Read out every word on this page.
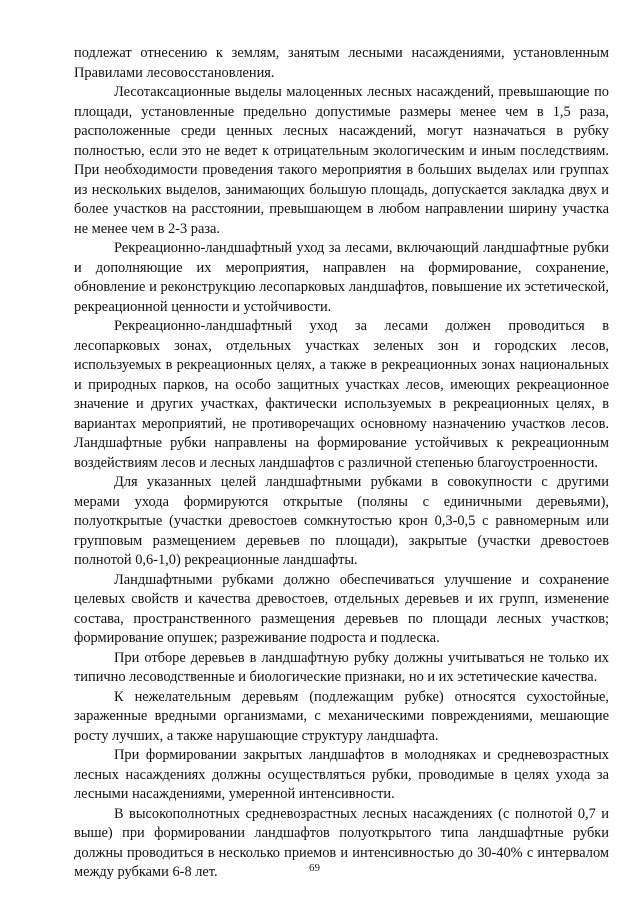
подлежат отнесению к землям, занятым лесными насаждениями, установленным Правилами лесовосстановления.

Лесотаксационные выделы малоценных лесных насаждений, превышающие по площади, установленные предельно допустимые размеры менее чем в 1,5 раза, расположенные среди ценных лесных насаждений, могут назначаться в рубку полностью, если это не ведет к отрицательным экологическим и иным последствиям. При необходимости проведения такого мероприятия в больших выделах или группах из нескольких выделов, занимающих большую площадь, допускается закладка двух и более участков на расстоянии, превышающем в любом направлении ширину участка не менее чем в 2-3 раза.

Рекреационно-ландшафтный уход за лесами, включающий ландшафтные рубки и дополняющие их мероприятия, направлен на формирование, сохранение, обновление и реконструкцию лесопарковых ландшафтов, повышение их эстетической, рекреационной ценности и устойчивости.

Рекреационно-ландшафтный уход за лесами должен проводиться в лесопарковых зонах, отдельных участках зеленых зон и городских лесов, используемых в рекреационных целях, а также в рекреационных зонах национальных и природных парков, на особо защитных участках лесов, имеющих рекреационное значение и других участках, фактически используемых в рекреационных целях, в вариантах мероприятий, не противоречащих основному назначению участков лесов. Ландшафтные рубки направлены на формирование устойчивых к рекреационным воздействиям лесов и лесных ландшафтов с различной степенью благоустроенности.

Для указанных целей ландшафтными рубками в совокупности с другими мерами ухода формируются открытые (поляны с единичными деревьями), полуоткрытые (участки древостоев сомкнутостью крон 0,3-0,5 с равномерным или групповым размещением деревьев по площади), закрытые (участки древостоев полнотой 0,6-1,0) рекреационные ландшафты.

Ландшафтными рубками должно обеспечиваться улучшение и сохранение целевых свойств и качества древостоев, отдельных деревьев и их групп, изменение состава, пространственного размещения деревьев по площади лесных участков; формирование опушек; разреживание подроста и подлеска.

При отборе деревьев в ландшафтную рубку должны учитываться не только их типично лесоводственные и биологические признаки, но и их эстетические качества.

К нежелательным деревьям (подлежащим рубке) относятся сухостойные, зараженные вредными организмами, с механическими повреждениями, мешающие росту лучших, а также нарушающие структуру ландшафта.

При формировании закрытых ландшафтов в молодняках и средневозрастных лесных насаждениях должны осуществляться рубки, проводимые в целях ухода за лесными насаждениями, умеренной интенсивности.

В высокополнотных средневозрастных лесных насаждениях (с полнотой 0,7 и выше) при формировании ландшафтов полуоткрытого типа ландшафтные рубки должны проводиться в несколько приемов и интенсивностью до 30-40% с интервалом между рубками 6-8 лет.	69
